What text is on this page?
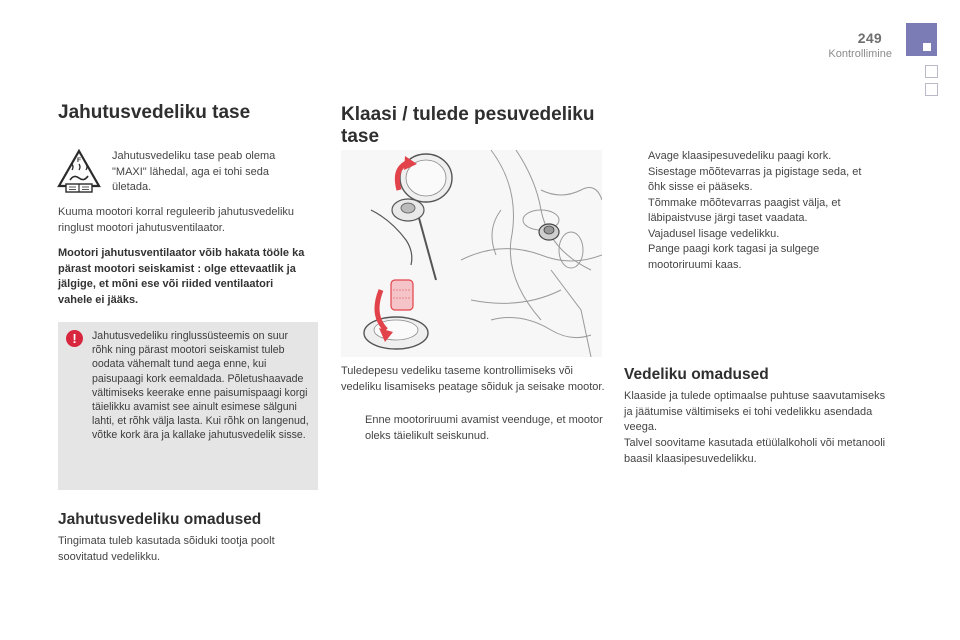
249
Kontrollimine
Jahutusvedeliku tase
F	Jahutusvedeliku tase peab olema "MAXI" lähedal, aga ei tohi seda ületada.

Kuuma mootori korral reguleerib jahutusvedeliku ringlust mootori jahutusventilaator.

Mootori jahutusventilaator võib hakata tööle ka pärast mootori seiskamist : olge ettevaatlik ja jälgige, et mõni ese või riided ventilaatori vahele ei jääks.

!	Jahutusvedeliku ringlussüsteemis on suur rõhk ning pärast mootori seiskamist tuleb oodata vähemalt tund aega enne, kui paisupaagi kork eemaldada. Põletushaavade vältimiseks keerake enne paisumispaagi korgi täielikku avamist see ainult esimese sälguni lahti, et rõhk välja lasta. Kui rõhk on langenud, võtke kork ära ja kallake jahutusvedelik sisse.
Jahutusvedeliku omadused

Tingimata tuleb kasutada sõiduki tootja poolt soovitatud vedelikku.

Klaasi / tulede pesuvedeliku tase

Tuledepesu vedeliku taseme kontrollimiseks või vedeliku lisamiseks peatage sõiduk ja seisake mootor.

Enne mootoriruumi avamist veenduge, et mootor oleks täielikult seiskunud.
Avage klaasipesuvedeliku paagi kork.
Sisestage mõõtevarras ja pigistage seda, et õhk sisse ei pääseks.
Tõmmake mõõtevarras paagist välja, et läbipaistvuse järgi taset vaadata.
Vajadusel lisage vedelikku.
Pange paagi kork tagasi ja sulgege mootoriruumi kaas.
Vedeliku omadused

Klaaside ja tulede optimaalse puhtuse saavutamiseks ja jäätumise vältimiseks ei tohi vedelikku asendada veega.

Talvel soovitame kasutada etüülalkoholi või metanooli baasil klaasipesuvedelikku.
